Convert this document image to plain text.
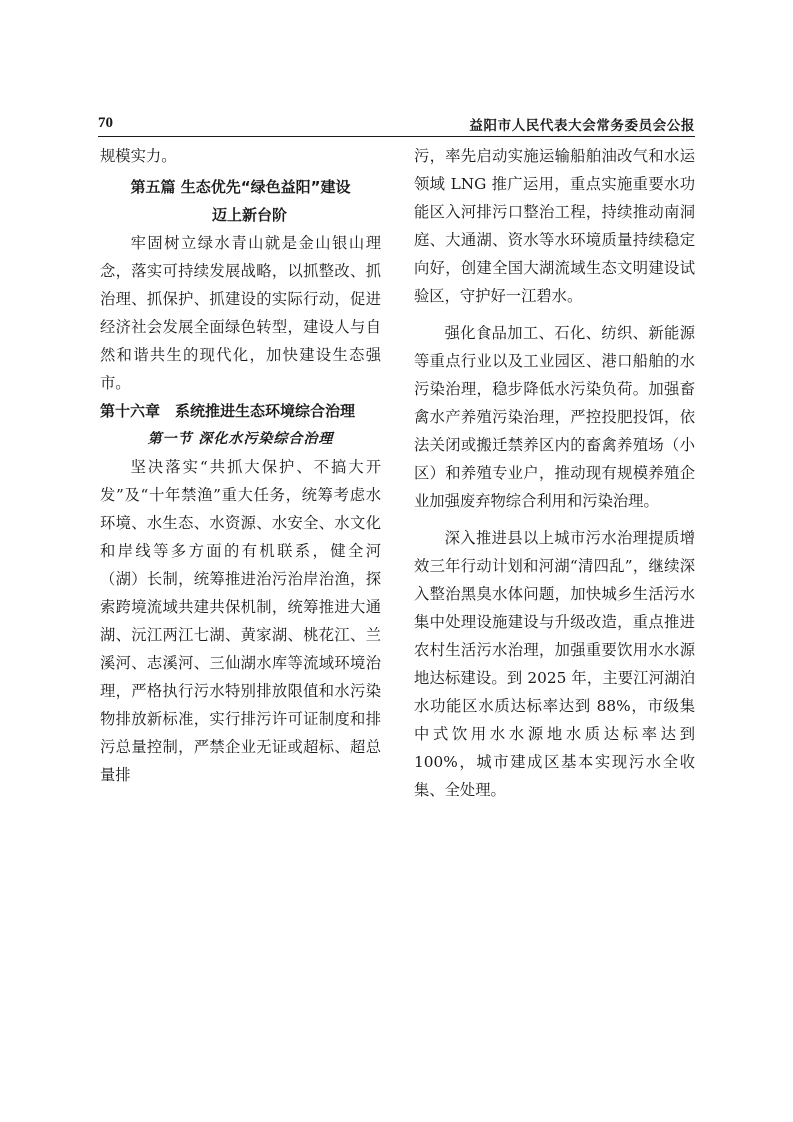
70	益阳市人民代表大会常务委员会公报

规模实力。

第五篇 生态优先“绿色益阳”建设
迈上新台阶

牢固树立绿水青山就是金山银山理念，落实可持续发展战略，以抓整改、抓治理、抓保护、抓建设的实际行动，促进经济社会发展全面绿色转型，建设人与自然和谐共生的现代化，加快建设生态强市。

第十六章　系统推进生态环境综合治理
第一节 深化水污染综合治理

坚决落实“共抓大保护、不搞大开发”及“十年禁渔”重大任务，统筹考虑水环境、水生态、水资源、水安全、水文化和岸线等多方面的有机联系，健全河（湖）长制，统筹推进治污治岸治渔，探索跨境流域共建共保机制，统筹推进大通湖、沅江两江七湖、黄家湖、桃花江、兰溪河、志溪河、三仙湖水库等流域环境治理，严格执行污水特别排放限值和水污染物排放新标准，实行排污许可证制度和排污总量控制，严禁企业无证或超标、超总量排

污，率先启动实施运输船舶油改气和水运领域 LNG 推广运用，重点实施重要水功能区入河排污口整治工程，持续推动南洞庭、大通湖、资水等水环境质量持续稳定向好，创建全国大湖流域生态文明建设试验区，守护好一江碧水。

强化食品加工、石化、纺织、新能源等重点行业以及工业园区、港口船舶的水污染治理，稳步降低水污染负荷。加强畜禽水产养殖污染治理，严控投肥投饵，依法关闭或搬迁禁养区内的畜禽养殖场（小区）和养殖专业户，推动现有规模养殖企业加强废弃物综合利用和污染治理。

深入推进县以上城市污水治理提质增效三年行动计划和河湖“清四乱”，继续深入整治黑臭水体问题，加快城乡生活污水集中处理设施建设与升级改造，重点推进农村生活污水治理，加强重要饮用水水源地达标建设。到 2025 年，主要江河湖泊水功能区水质达标率达到 88%，市级集中式饮用水水源地水质达标率达到 100%，城市建成区基本实现污水全收集、全处理。
